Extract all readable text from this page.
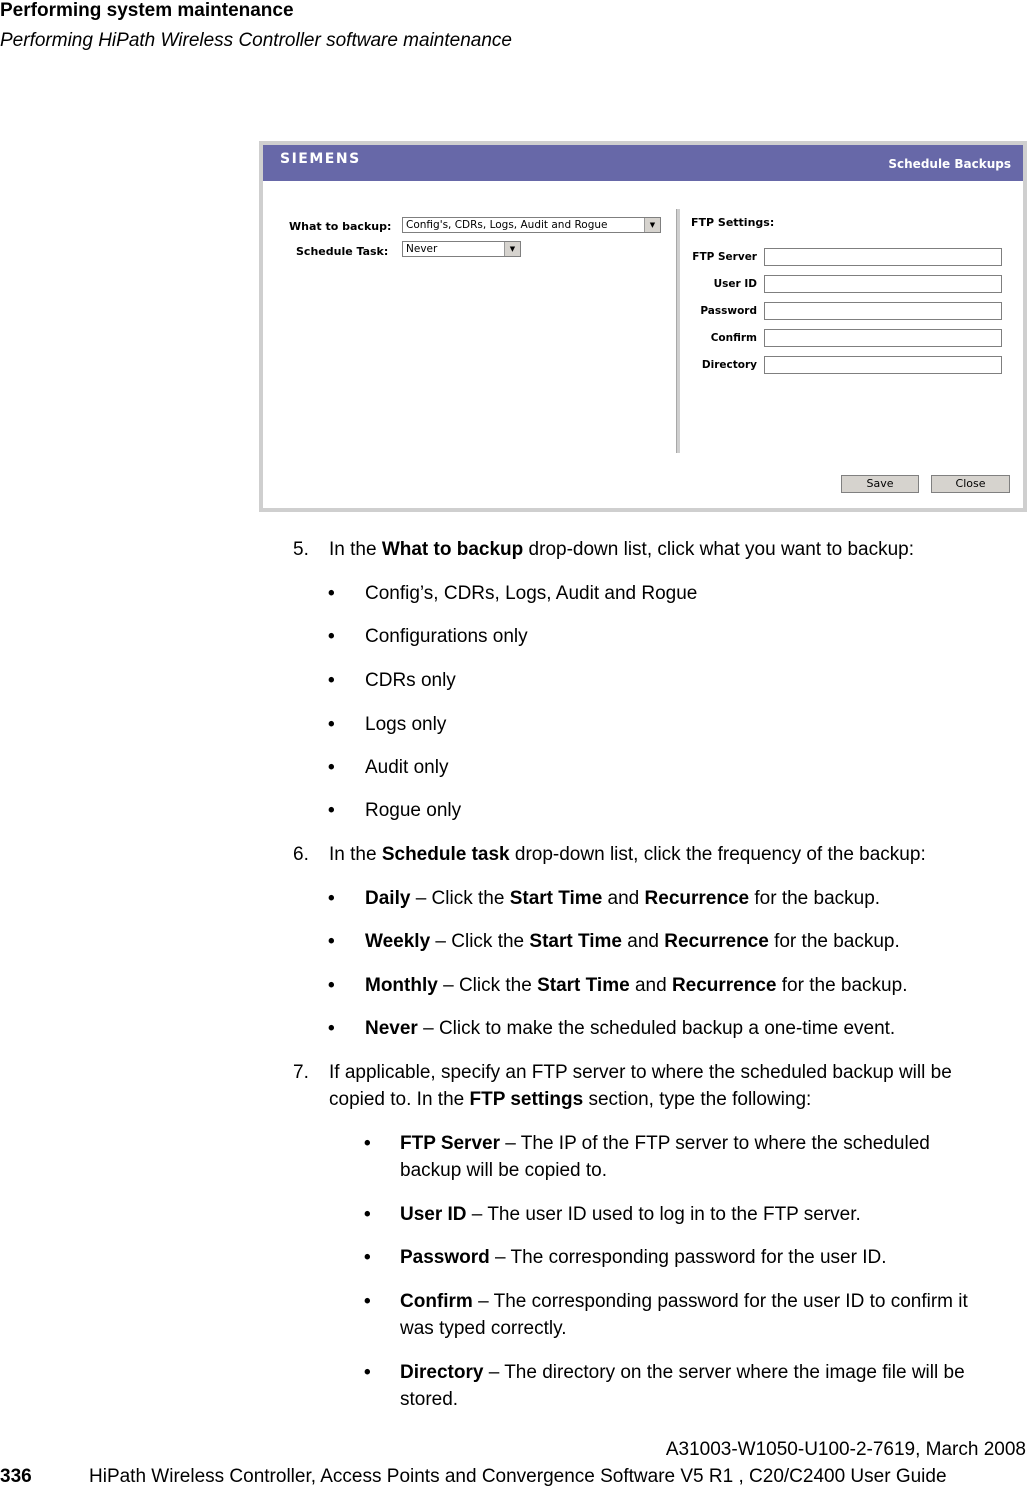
Performing system maintenance
Performing HiPath Wireless Controller software maintenance
SIEMENS	Schedule Backups
What to backup: Config's, CDRs, Logs, Audit and Rogue	▼
Schedule Task: Never	▼
FTP Settings:
FTP Server
User ID
Password
Confirm
Directory
Save	Close
5. In the What to backup drop-down list, click what you want to backup:
• Config’s, CDRs, Logs, Audit and Rogue
• Configurations only
• CDRs only
• Logs only
• Audit only
• Rogue only
6. In the Schedule task drop-down list, click the frequency of the backup:
• Daily – Click the Start Time and Recurrence for the backup.
• Weekly – Click the Start Time and Recurrence for the backup.
• Monthly – Click the Start Time and Recurrence for the backup.
• Never – Click to make the scheduled backup a one-time event.
7. If applicable, specify an FTP server to where the scheduled backup will be
copied to. In the FTP settings section, type the following:
• FTP Server – The IP of the FTP server to where the scheduled
backup will be copied to.
• User ID – The user ID used to log in to the FTP server.
• Password – The corresponding password for the user ID.
• Confirm – The corresponding password for the user ID to confirm it
was typed correctly.
• Directory – The directory on the server where the image file will be
stored.
A31003-W1050-U100-2-7619, March 2008
336	HiPath Wireless Controller, Access Points and Convergence Software V5 R1 , C20/C2400 User Guide
